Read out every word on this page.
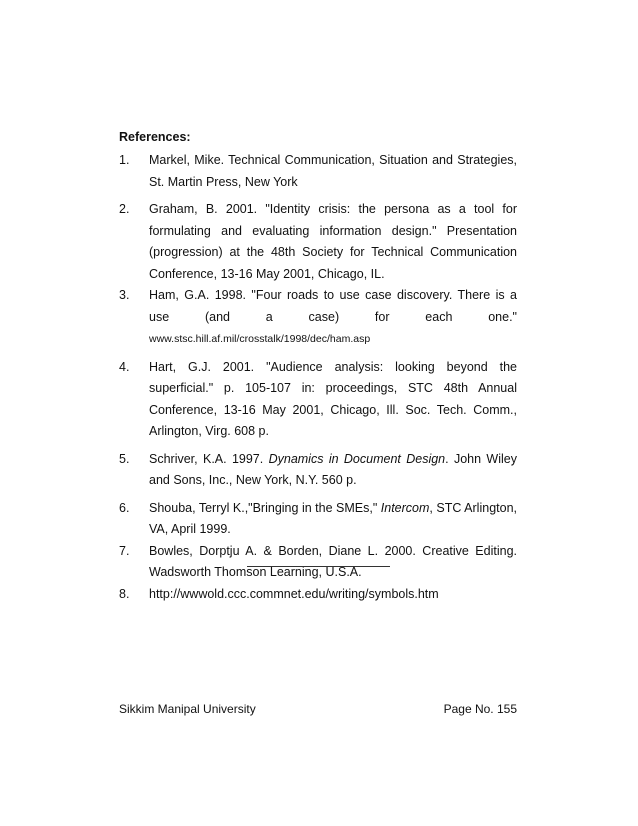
References:
1.	Markel, Mike. Technical Communication, Situation and Strategies, St. Martin Press, New York
2.	Graham, B. 2001. "Identity crisis: the persona as a tool for formulating and evaluating information design." Presentation (progression) at the 48th Society for Technical Communication Conference, 13-16 May 2001, Chicago, IL.
3.	Ham, G.A. 1998. "Four roads to use case discovery. There is a use (and a case) for each one." www.stsc.hill.af.mil/crosstalk/1998/dec/ham.asp
4.	Hart, G.J. 2001. "Audience analysis: looking beyond the superficial." p. 105-107 in: proceedings, STC 48th Annual Conference, 13-16 May 2001, Chicago, Ill. Soc. Tech. Comm., Arlington, Virg. 608 p.
5.	Schriver, K.A. 1997. Dynamics in Document Design. John Wiley and Sons, Inc., New York, N.Y. 560 p.
6.	Shouba, Terryl K.,"Bringing in the SMEs," Intercom, STC Arlington, VA, April 1999.
7.	Bowles, Dorptju A. & Borden, Diane L. 2000. Creative Editing. Wadsworth Thomson Learning, U.S.A.
8.	http://wwwold.ccc.commnet.edu/writing/symbols.htm
Sikkim Manipal University	Page No. 155
